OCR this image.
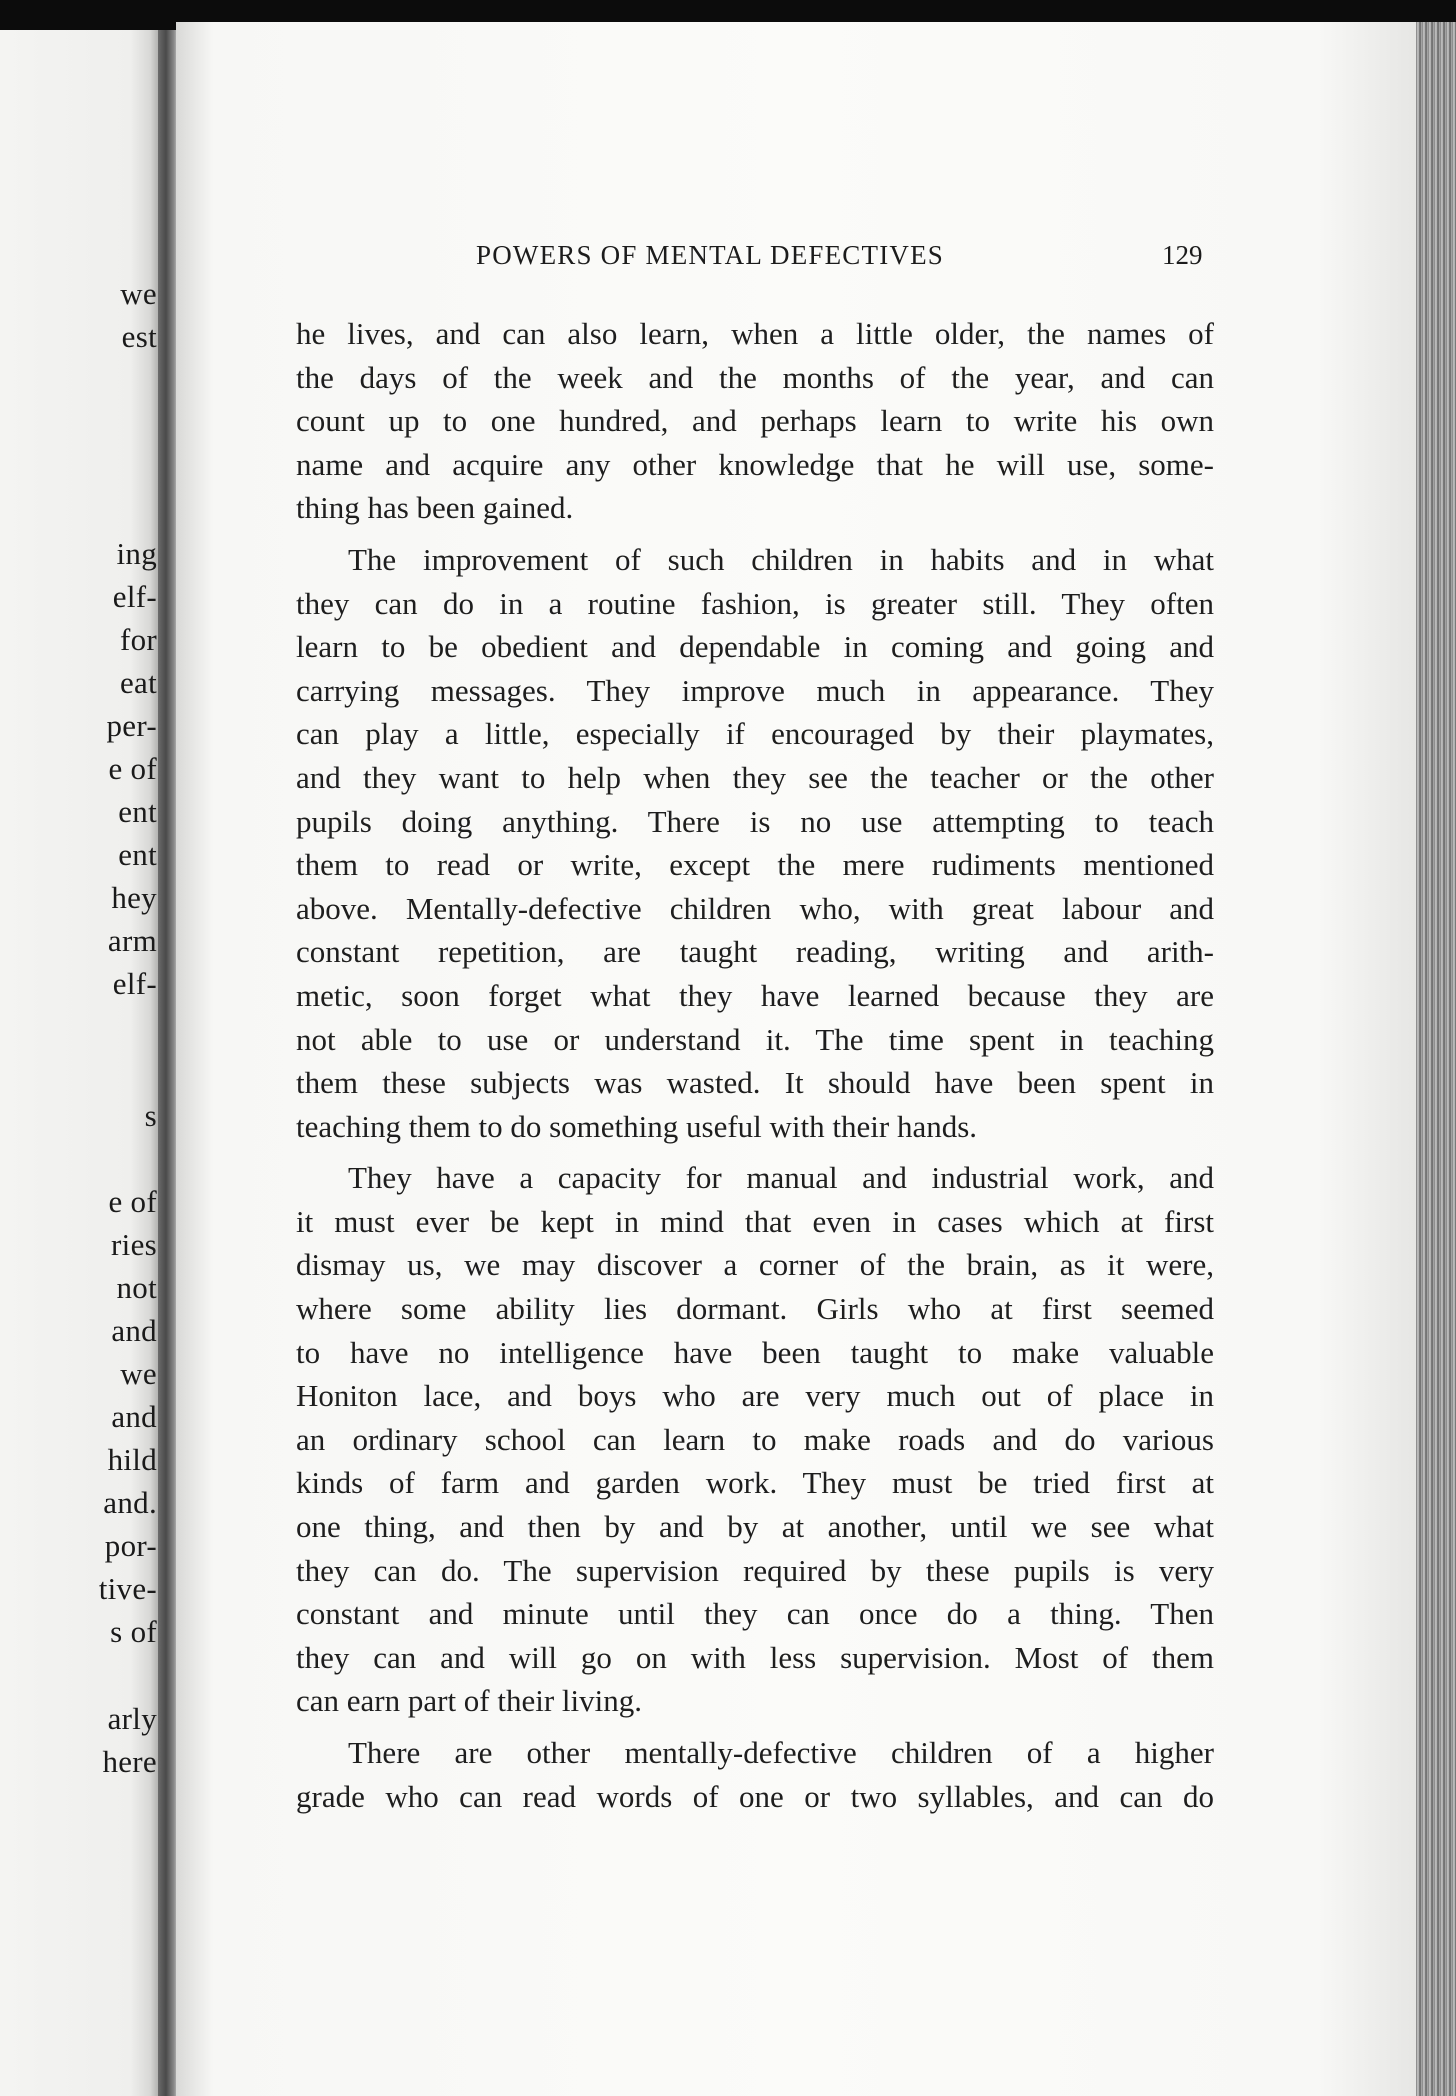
we
est
ing
elf-
for
eat
per-
e of
ent
ent
hey
arm
elf-
s
e of
ries
not
and
we
and
hild
and.
por-
tive-
s of
arly
here
POWERS OF MENTAL DEFECTIVES	129
he lives, and can also learn, when a little older, the names of
the days of the week and the months of the year, and can
count up to one hundred, and perhaps learn to write his own
name and acquire any other knowledge that he will use, some-
thing has been gained.
The improvement of such children in habits and in what
they can do in a routine fashion, is greater still. They often
learn to be obedient and dependable in coming and going and
carrying messages. They improve much in appearance. They
can play a little, especially if encouraged by their playmates,
and they want to help when they see the teacher or the other
pupils doing anything. There is no use attempting to teach
them to read or write, except the mere rudiments mentioned
above. Mentally-defective children who, with great labour and
constant repetition, are taught reading, writing and arith-
metic, soon forget what they have learned because they are
not able to use or understand it. The time spent in teaching
them these subjects was wasted. It should have been spent in
teaching them to do something useful with their hands.
They have a capacity for manual and industrial work, and
it must ever be kept in mind that even in cases which at first
dismay us, we may discover a corner of the brain, as it were,
where some ability lies dormant. Girls who at first seemed
to have no intelligence have been taught to make valuable
Honiton lace, and boys who are very much out of place in
an ordinary school can learn to make roads and do various
kinds of farm and garden work. They must be tried first at
one thing, and then by and by at another, until we see what
they can do. The supervision required by these pupils is very
constant and minute until they can once do a thing. Then
they can and will go on with less supervision. Most of them
can earn part of their living.
There are other mentally-defective children of a higher
grade who can read words of one or two syllables, and can do
